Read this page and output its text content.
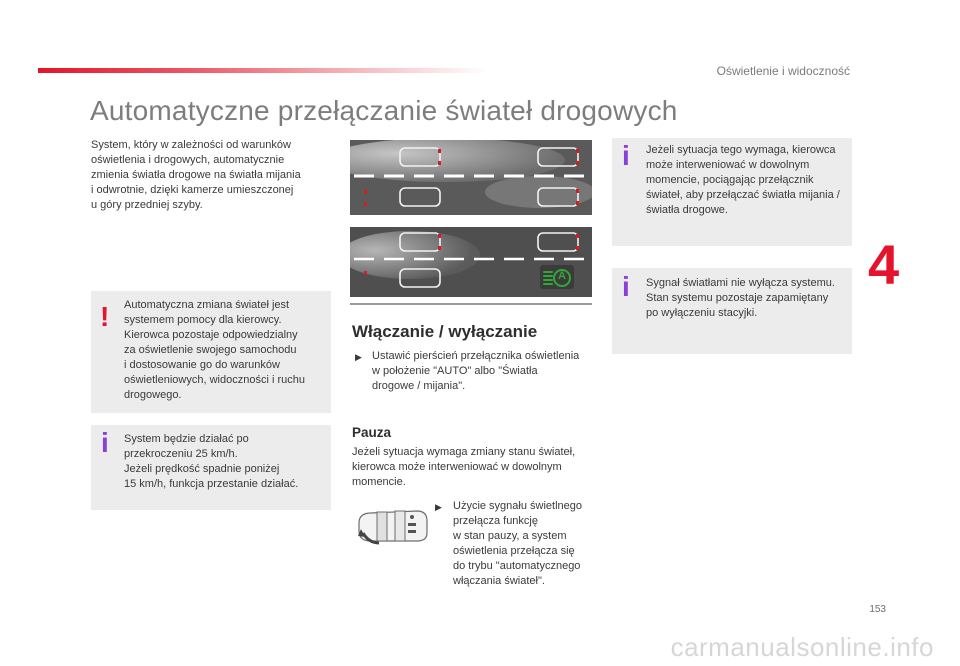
Oświetlenie i widoczność
Automatyczne przełączanie świateł drogowych
4
System, który w zależności od warunków
oświetlenia i drogowych, automatycznie
zmienia światła drogowe na światła mijania
i odwrotnie, dzięki kamerze umieszczonej
u góry przedniej szyby.
! Automatyczna zmiana świateł jest
systemem pomocy dla kierowcy.
Kierowca pozostaje odpowiedzialny
za oświetlenie swojego samochodu
i dostosowanie go do warunków
oświetleniowych, widoczności i ruchu
drogowego.
i System będzie działać po
przekroczeniu 25 km/h.
Jeżeli prędkość spadnie poniżej
15 km/h, funkcja przestanie działać.
A
Włączanie / wyłączanie
▶ Ustawić pierścień przełącznika oświetlenia
w położenie "AUTO" albo "Światła
drogowe / mijania".
Pauza
Jeżeli sytuacja wymaga zmiany stanu świateł,
kierowca może interweniować w dowolnym
momencie.
▶ Użycie sygnału świetlnego
przełącza funkcję
w stan pauzy, a system
oświetlenia przełącza się
do trybu "automatycznego
włączania świateł".
i Jeżeli sytuacja tego wymaga, kierowca
może interweniować w dowolnym
momencie, pociągając przełącznik
świateł, aby przełączać światła mijania /
światła drogowe.
i Sygnał światłami nie wyłącza systemu.
Stan systemu pozostaje zapamiętany
po wyłączeniu stacyjki.
153
carmanualsonline.info
